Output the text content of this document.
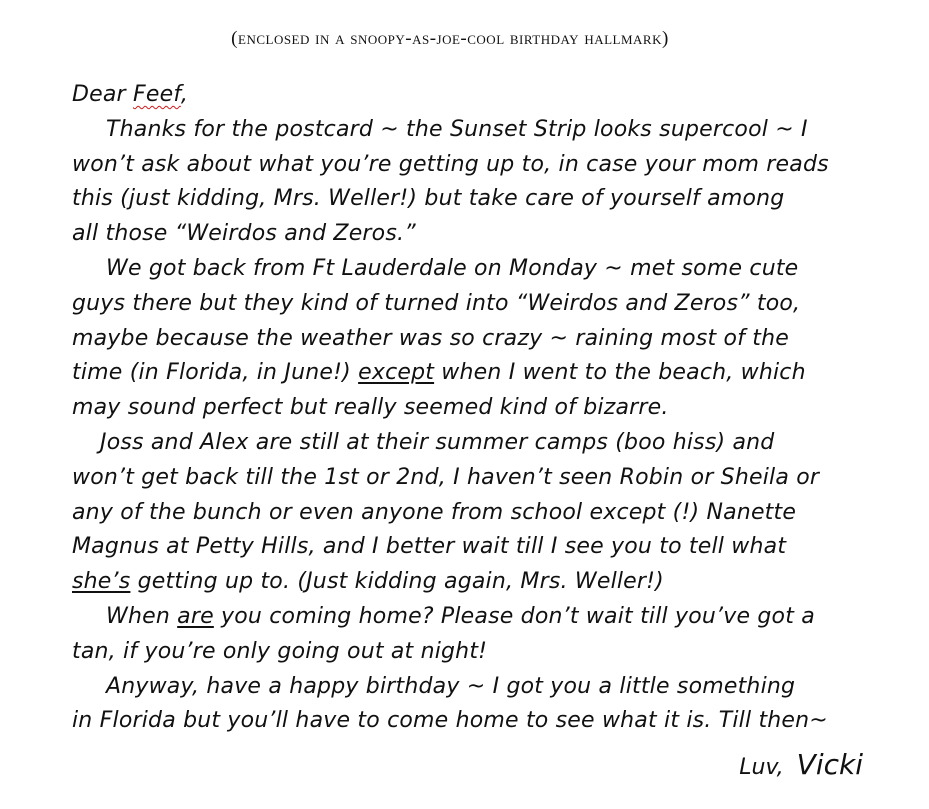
(enclosed in a snoopy-as-joe-cool birthday hallmark)
Dear Feef,
Thanks for the postcard ~ the Sunset Strip looks supercool ~ I
won’t ask about what you’re getting up to, in case your mom reads
this (just kidding, Mrs. Weller!) but take care of yourself among
all those “Weirdos and Zeros.”
We got back from Ft Lauderdale on Monday ~ met some cute
guys there but they kind of turned into “Weirdos and Zeros” too,
maybe because the weather was so crazy ~ raining most of the
time (in Florida, in June!) except when I went to the beach, which
may sound perfect but really seemed kind of bizarre.
Joss and Alex are still at their summer camps (boo hiss) and
won’t get back till the 1st or 2nd, I haven’t seen Robin or Sheila or
any of the bunch or even anyone from school except (!) Nanette
Magnus at Petty Hills, and I better wait till I see you to tell what
she’s getting up to. (Just kidding again, Mrs. Weller!)
When are you coming home? Please don’t wait till you’ve got a
tan, if you’re only going out at night!
Anyway, have a happy birthday ~ I got you a little something
in Florida but you’ll have to come home to see what it is. Till then~
Luv, Vicki
